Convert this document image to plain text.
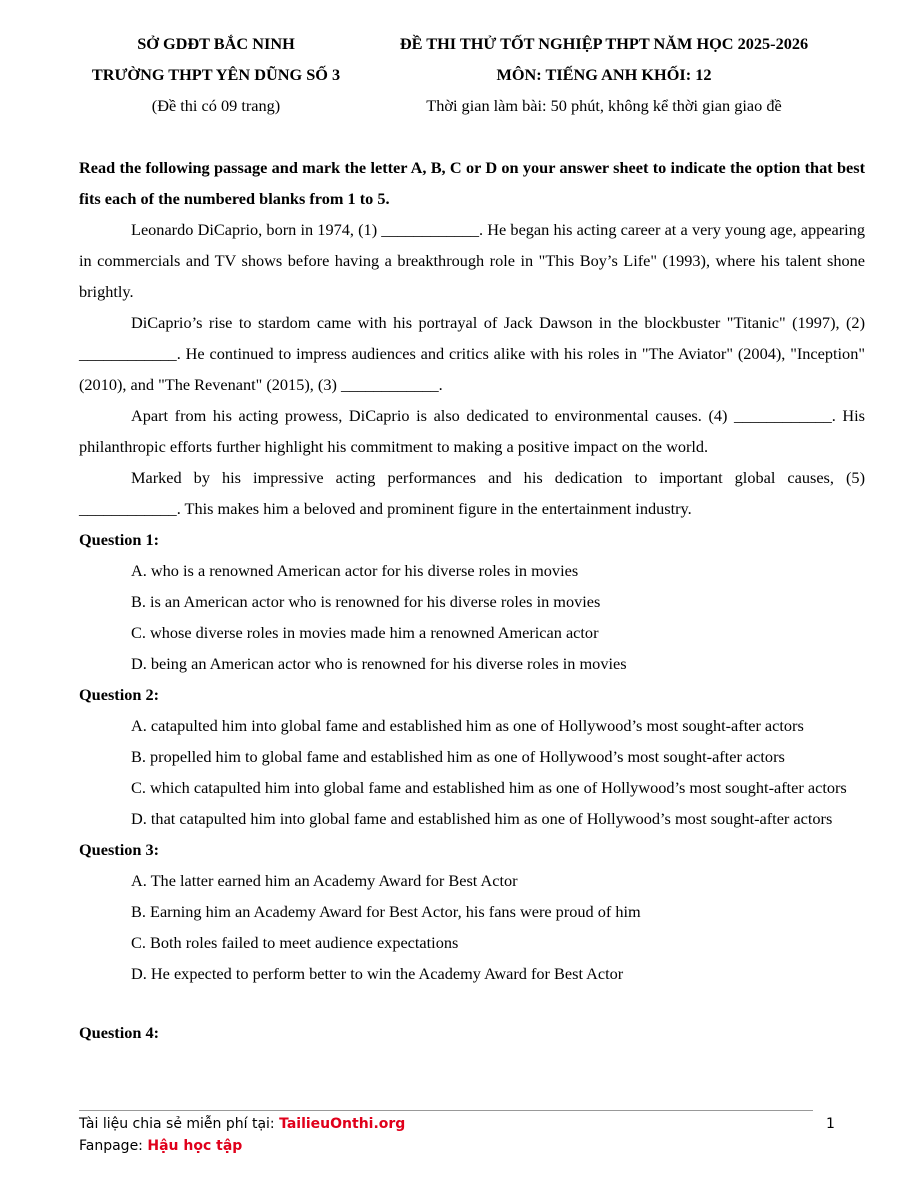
SỞ GDĐT BẮC NINH
TRƯỜNG THPT YÊN DŨNG SỐ 3
(Đề thi có 09 trang)
ĐỀ THI THỬ TỐT NGHIỆP THPT NĂM HỌC 2025-2026
MÔN: TIẾNG ANH KHỐI: 12
Thời gian làm bài: 50 phút, không kể thời gian giao đề

Read the following passage and mark the letter A, B, C or D on your answer sheet to indicate the option that best fits each of the numbered blanks from 1 to 5.

Leonardo DiCaprio, born in 1974, (1) ____________. He began his acting career at a very young age, appearing in commercials and TV shows before having a breakthrough role in "This Boy’s Life" (1993), where his talent shone brightly.

DiCaprio’s rise to stardom came with his portrayal of Jack Dawson in the blockbuster "Titanic" (1997), (2) ____________. He continued to impress audiences and critics alike with his roles in "The Aviator" (2004), "Inception" (2010), and "The Revenant" (2015), (3) ____________.

Apart from his acting prowess, DiCaprio is also dedicated to environmental causes. (4) ____________. His philanthropic efforts further highlight his commitment to making a positive impact on the world.

Marked by his impressive acting performances and his dedication to important global causes, (5) ____________. This makes him a beloved and prominent figure in the entertainment industry.

Question 1:

A. who is a renowned American actor for his diverse roles in movies

B. is an American actor who is renowned for his diverse roles in movies

C. whose diverse roles in movies made him a renowned American actor

D. being an American actor who is renowned for his diverse roles in movies

Question 2:

A. catapulted him into global fame and established him as one of Hollywood’s most sought-after actors

B. propelled him to global fame and established him as one of Hollywood’s most sought-after actors

C. which catapulted him into global fame and established him as one of Hollywood’s most sought-after actors

D. that catapulted him into global fame and established him as one of Hollywood’s most sought-after actors

Question 3:

A. The latter earned him an Academy Award for Best Actor

B. Earning him an Academy Award for Best Actor, his fans were proud of him

C. Both roles failed to meet audience expectations

D. He expected to perform better to win the Academy Award for Best Actor

Question 4:

Tài liệu chia sẻ miễn phí tại: TailieuOnthi.org
Fanpage: Hậu học tập
1
